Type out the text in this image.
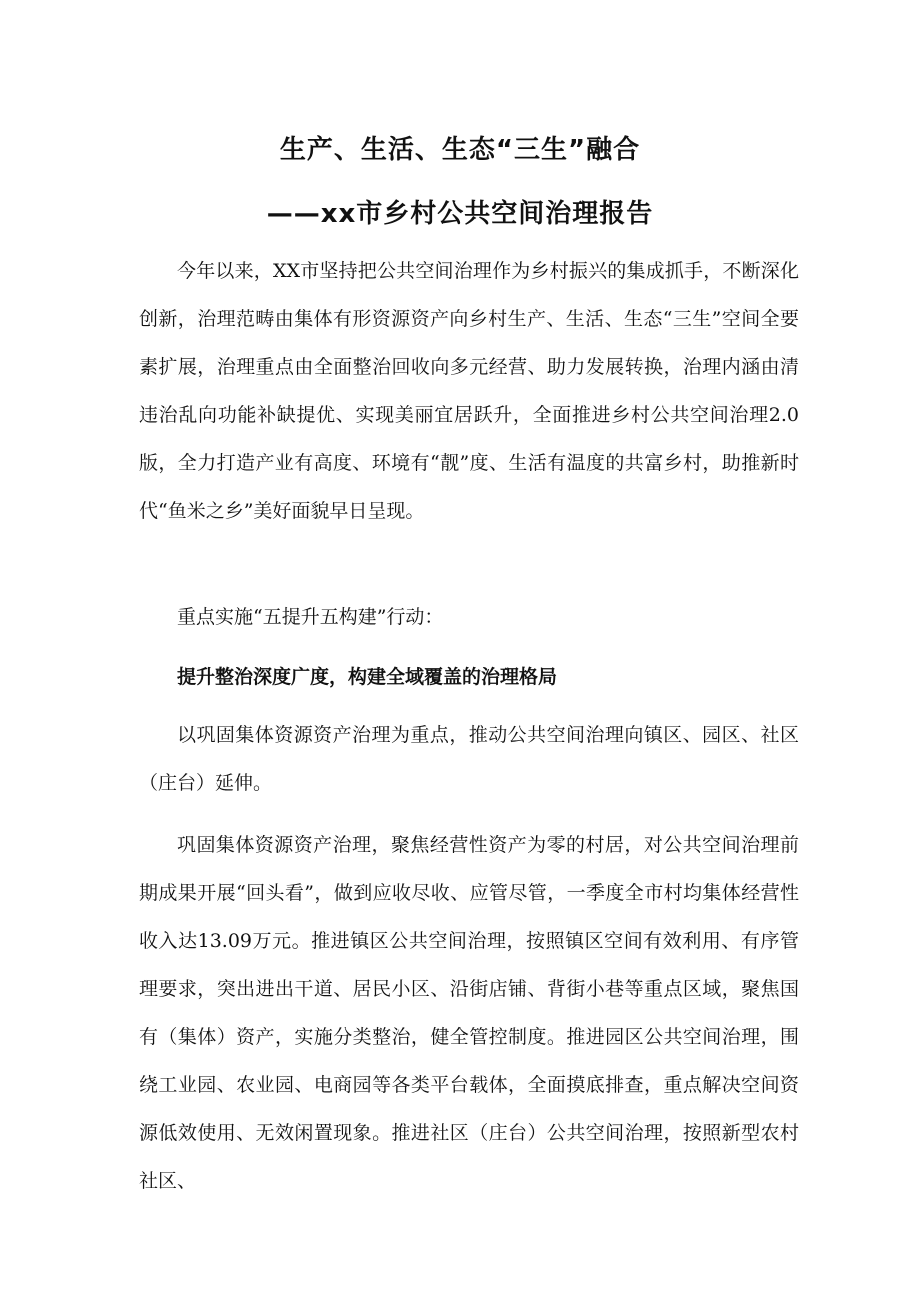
生产、生活、生态“三生”融合
——xx市乡村公共空间治理报告

今年以来，XX市坚持把公共空间治理作为乡村振兴的集成抓手，不断深化创新，治理范畴由集体有形资源资产向乡村生产、生活、生态“三生”空间全要素扩展，治理重点由全面整治回收向多元经营、助力发展转换，治理内涵由清违治乱向功能补缺提优、实现美丽宜居跃升，全面推进乡村公共空间治理2.0版，全力打造产业有高度、环境有“靓”度、生活有温度的共富乡村，助推新时代“鱼米之乡”美好面貌早日呈现。

重点实施“五提升五构建”行动：

提升整治深度广度，构建全域覆盖的治理格局

以巩固集体资源资产治理为重点，推动公共空间治理向镇区、园区、社区（庄台）延伸。

巩固集体资源资产治理，聚焦经营性资产为零的村居，对公共空间治理前期成果开展“回头看”，做到应收尽收、应管尽管，一季度全市村均集体经营性收入达13.09万元。推进镇区公共空间治理，按照镇区空间有效利用、有序管理要求，突出进出干道、居民小区、沿街店铺、背街小巷等重点区域，聚焦国有（集体）资产，实施分类整治，健全管控制度。推进园区公共空间治理，围绕工业园、农业园、电商园等各类平台载体，全面摸底排查，重点解决空间资源低效使用、无效闲置现象。推进社区（庄台）公共空间治理，按照新型农村社区、
